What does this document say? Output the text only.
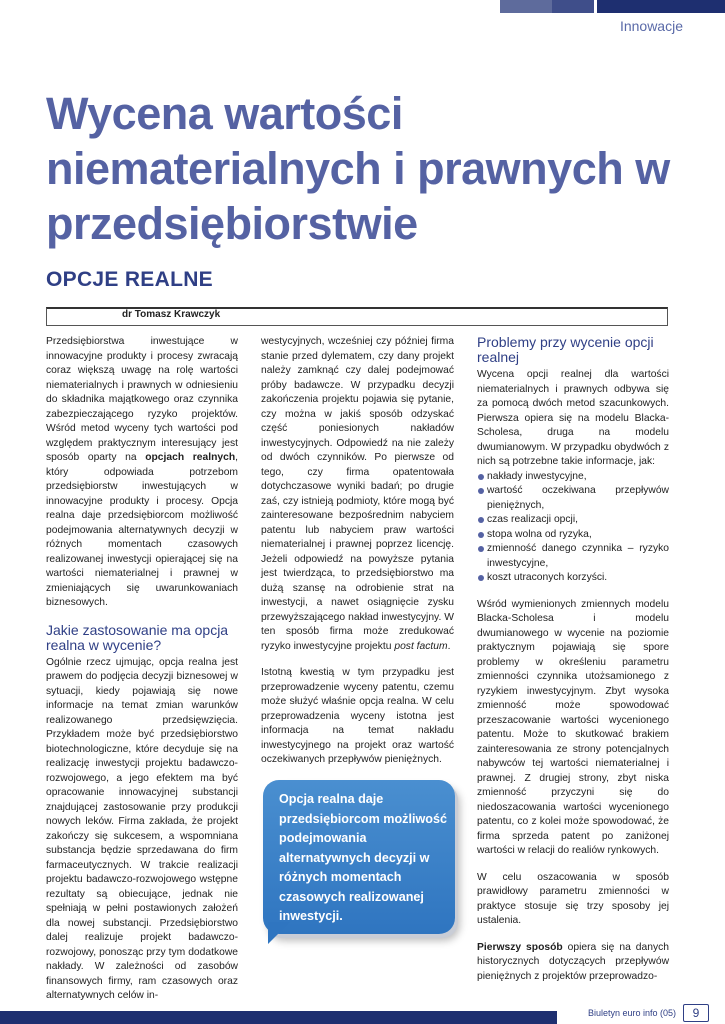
Innowacje
Wycena wartości niematerialnych i prawnych w przedsiębiorstwie
OPCJE REALNE
dr Tomasz Krawczyk

Przedsiębiorstwa inwestujące w innowacyjne produkty i procesy zwracają coraz większą uwagę na rolę wartości niematerialnych i prawnych w odniesieniu do składnika majątkowego oraz czynnika zabezpieczającego ryzyko projektów. Wśród metod wyceny tych wartości pod względem praktycznym interesujący jest sposób oparty na opcjach realnych, który odpowiada potrzebom przedsiębiorstw inwestujących w innowacyjne produkty i procesy. Opcja realna daje przedsiębiorcom możliwość podejmowania alternatywnych decyzji w różnych momentach czasowych realizowanej inwestycji opierającej się na wartości niematerialnej i prawnej w zmieniających się uwarunkowaniach biznesowych.

Jakie zastosowanie ma opcja realna w wycenie?

Ogólnie rzecz ujmując, opcja realna jest prawem do podjęcia decyzji biznesowej w sytuacji, kiedy pojawiają się nowe informacje na temat zmian warunków realizowanego przedsięwzięcia. Przykładem może być przedsiębiorstwo biotechnologiczne, które decyduje się na realizację inwestycji projektu badawczo-rozwojowego, a jego efektem ma być opracowanie innowacyjnej substancji znajdującej zastosowanie przy produkcji nowych leków. Firma zakłada, że projekt zakończy się sukcesem, a wspomniana substancja będzie sprzedawana do firm farmaceutycznych. W trakcie realizacji projektu badawczo-rozwojowego wstępne rezultaty są obiecujące, jednak nie spełniają w pełni postawionych założeń dla nowej substancji. Przedsiębiorstwo dalej realizuje projekt badawczo-rozwojowy, ponosząc przy tym dodatkowe nakłady. W zależności od zasobów finansowych firmy, ram czasowych oraz alternatywnych celów in-

westycyjnych, wcześniej czy później firma stanie przed dylematem, czy dany projekt należy zamknąć czy dalej podejmować próby badawcze. W przypadku decyzji zakończenia projektu pojawia się pytanie, czy można w jakiś sposób odzyskać część poniesionych nakładów inwestycyjnych. Odpowiedź na nie zależy od dwóch czynników. Po pierwsze od tego, czy firma opatentowała dotychczasowe wyniki badań; po drugie zaś, czy istnieją podmioty, które mogą być zainteresowane bezpośrednim nabyciem patentu lub nabyciem praw wartości niematerialnej i prawnej poprzez licencję. Jeżeli odpowiedź na powyższe pytania jest twierdząca, to przedsiębiorstwo ma dużą szansę na odrobienie strat na inwestycji, a nawet osiągnięcie zysku przewyższającego nakład inwestycyjny. W ten sposób firma może zredukować ryzyko inwestycyjne projektu post factum.

Istotną kwestią w tym przypadku jest przeprowadzenie wyceny patentu, czemu może służyć właśnie opcja realna. W celu przeprowadzenia wyceny istotna jest informacja na temat nakładu inwestycyjnego na projekt oraz wartość oczekiwanych przepływów pieniężnych.

Opcja realna daje przedsiębiorcom możliwość podejmowania alternatywnych decyzji w różnych momentach czasowych realizowanej inwestycji.
Problemy przy wycenie opcji realnej

Wycena opcji realnej dla wartości niematerialnych i prawnych odbywa się za pomocą dwóch metod szacunkowych. Pierwsza opiera się na modelu Blacka-Scholesa, druga na modelu dwumianowym. W przypadku obydwóch z nich są potrzebne takie informacje, jak:

nakłady inwestycyjne,
wartość oczekiwana przepływów pieniężnych,
czas realizacji opcji,
stopa wolna od ryzyka,
zmienność danego czynnika – ryzyko inwestycyjne,
koszt utraconych korzyści.

Wśród wymienionych zmiennych modelu Blacka-Scholesa i modelu dwumianowego w wycenie na poziomie praktycznym pojawiają się spore problemy w określeniu parametru zmienności czynnika utożsamionego z ryzykiem inwestycyjnym. Zbyt wysoka zmienność może spowodować przeszacowanie wartości wycenionego patentu. Może to skutkować brakiem zainteresowania ze strony potencjalnych nabywców tej wartości niematerialnej i prawnej. Z drugiej strony, zbyt niska zmienność przyczyni się do niedoszacowania wartości wycenionego patentu, co z kolei może spowodować, że firma sprzeda patent po zaniżonej wartości w relacji do realiów rynkowych.

W celu oszacowania w sposób prawidłowy parametru zmienności w praktyce stosuje się trzy sposoby jej ustalenia.

Pierwszy sposób opiera się na danych historycznych dotyczących przepływów pieniężnych z projektów przeprowadzo-

Biuletyn euro info (05)	9
